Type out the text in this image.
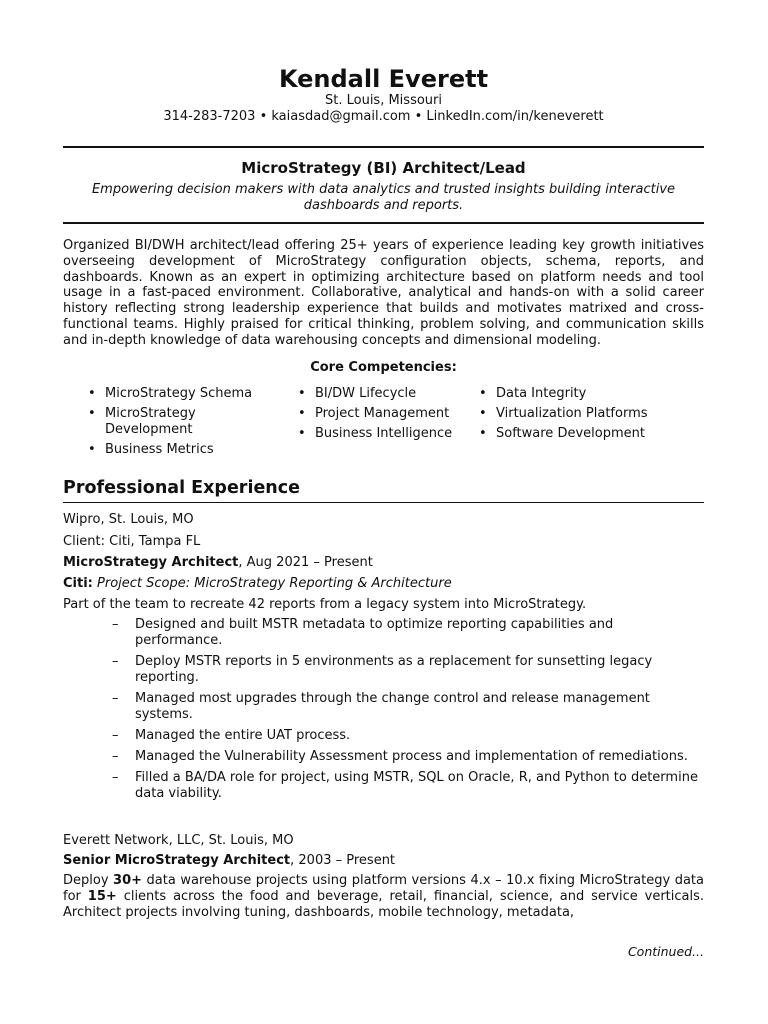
Kendall Everett
St. Louis, Missouri
314-283-7203 • kaiasdad@gmail.com • LinkedIn.com/in/keneverett
MicroStrategy (BI) Architect/Lead
Empowering decision makers with data analytics and trusted insights building interactive dashboards and reports.
Organized BI/DWH architect/lead offering 25+ years of experience leading key growth initiatives overseeing development of MicroStrategy configuration objects, schema, reports, and dashboards. Known as an expert in optimizing architecture based on platform needs and tool usage in a fast-paced environment. Collaborative, analytical and hands-on with a solid career history reflecting strong leadership experience that builds and motivates matrixed and cross-functional teams. Highly praised for critical thinking, problem solving, and communication skills and in-depth knowledge of data warehousing concepts and dimensional modeling.
Core Competencies:
• MicroStrategy Schema
• MicroStrategy Development
• Business Metrics
• BI/DW Lifecycle
• Project Management
• Business Intelligence
• Data Integrity
• Virtualization Platforms
• Software Development
Professional Experience
Wipro, St. Louis, MO
Client: Citi, Tampa FL
MicroStrategy Architect, Aug 2021 – Present
Citi: Project Scope: MicroStrategy Reporting & Architecture
Part of the team to recreate 42 reports from a legacy system into MicroStrategy.
– Designed and built MSTR metadata to optimize reporting capabilities and performance.
– Deploy MSTR reports in 5 environments as a replacement for sunsetting legacy reporting.
– Managed most upgrades through the change control and release management systems.
– Managed the entire UAT process.
– Managed the Vulnerability Assessment process and implementation of remediations.
– Filled a BA/DA role for project, using MSTR, SQL on Oracle, R, and Python to determine data viability.
Everett Network, LLC, St. Louis, MO
Senior MicroStrategy Architect, 2003 – Present
Deploy 30+ data warehouse projects using platform versions 4.x – 10.x fixing MicroStrategy data for 15+ clients across the food and beverage, retail, financial, science, and service verticals. Architect projects involving tuning, dashboards, mobile technology, metadata,
Continued...
